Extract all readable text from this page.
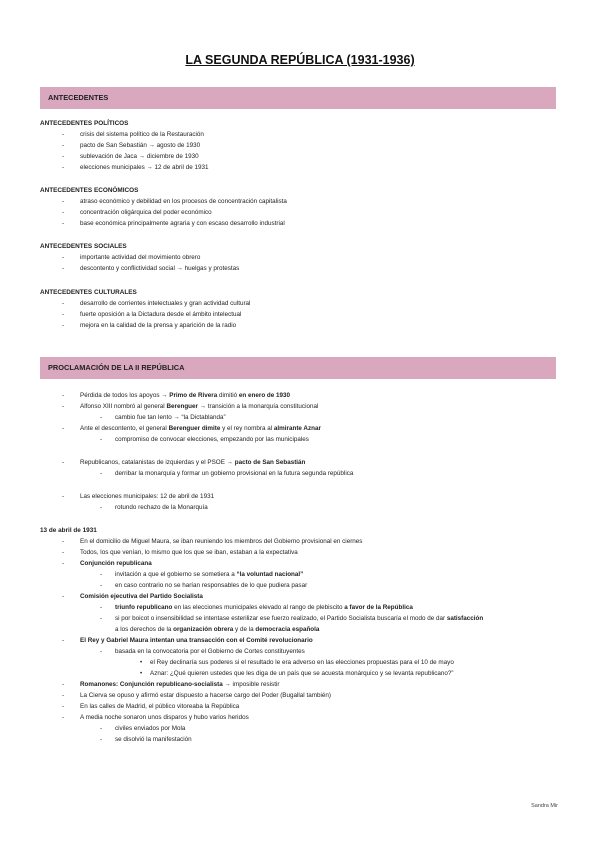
LA SEGUNDA REPÚBLICA (1931-1936)
ANTECEDENTES
ANTECEDENTES POLÍTICOS
-	crisis del sistema político de la Restauración
-	pacto de San Sebastián → agosto de 1930
-	sublevación de Jaca → diciembre de 1930
-	elecciones municipales → 12 de abril de 1931
ANTECEDENTES ECONÓMICOS
-	atraso económico y debilidad en los procesos de concentración capitalista
-	concentración oligárquica del poder económico
-	base económica principalmente agraria y con escaso desarrollo industrial
ANTECEDENTES SOCIALES
-	importante actividad del movimiento obrero
-	descontento y conflictividad social → huelgas y protestas
ANTECEDENTES CULTURALES
-	desarrollo de corrientes intelectuales y gran actividad cultural
-	fuerte oposición a la Dictadura desde el ámbito intelectual
-	mejora en la calidad de la prensa y aparición de la radio
PROCLAMACIÓN DE LA II REPÚBLICA
-	Pérdida de todos los apoyos → Primo de Rivera dimitió en enero de 1930
-	Alfonso XIII nombró al general Berenguer → transición a la monarquía constitucional
- cambio fue tan lento → “la Dictablanda”
-	Ante el descontento, el general Berenguer dimite y el rey nombra al almirante Aznar
- compromiso de convocar elecciones, empezando por las municipales
-	Republicanos, catalanistas de izquierdas y el PSOE → pacto de San Sebastián
- derribar la monarquía y formar un gobierno provisional en la futura segunda república
-	Las elecciones municipales: 12 de abril de 1931
- rotundo rechazo de la Monarquía
13 de abril de 1931
-	En el domicilio de Miguel Maura, se iban reuniendo los miembros del Gobierno provisional en ciernes
-	Todos, los que venían, lo mismo que los que se iban, estaban a la expectativa
-	Conjunción republicana
- invitación a que el gobierno se sometiera a “la voluntad nacional”
- en caso contrario no se harían responsables de lo que pudiera pasar
-	Comisión ejecutiva del Partido Socialista
- triunfo republicano en las elecciones municipales elevado al rango de plebiscito a favor de la República
- si por boicot o insensibilidad se intentase esterilizar ese fuerzo realizado, el Partido Socialista buscaría el modo de dar satisfacción
a los derechos de la organización obrera y de la democracia española
-	El Rey y Gabriel Maura intentan una transacción con el Comité revolucionario
- basada en la convocatoria por el Gobierno de Cortes constituyentes
• el Rey declinaría sus poderes si el resultado le era adverso en las elecciones propuestas para el 10 de mayo
• Aznar: ¿Qué quieren ustedes que les diga de un país que se acuesta monárquico y se levanta republicano?”
-	Romanones: Conjunción republicano-socialista → imposible resistir
-	La Cierva se opuso y afirmó estar dispuesto a hacerse cargo del Poder (Bugallal también)
-	En las calles de Madrid, el público vitoreaba la República
-	A media noche sonaron unos disparos y hubo varios heridos
- civiles enviados por Mola
- se disolvió la manifestación
Sandra Mir
